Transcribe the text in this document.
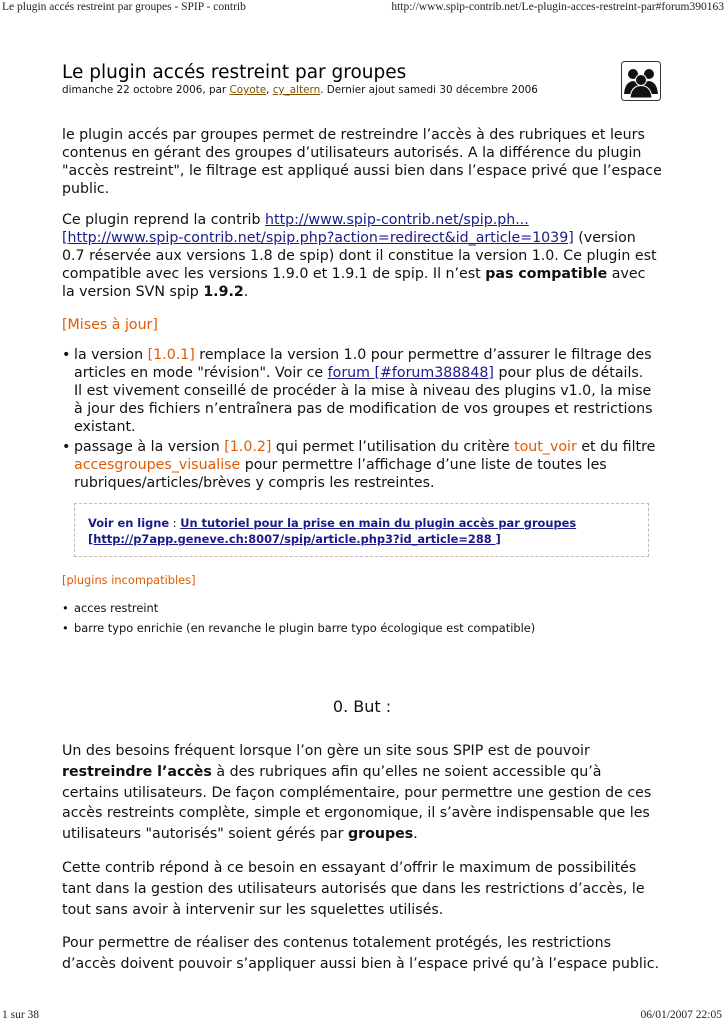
Le plugin accés restreint par groupes - SPIP - contrib	http://www.spip-contrib.net/Le-plugin-acces-restreint-par#forum390163
Le plugin accés restreint par groupes
dimanche 22 octobre 2006, par Coyote, cy_altern. Dernier ajout samedi 30 décembre 2006

le plugin accés par groupes permet de restreindre l’accès à des rubriques et leurs contenus en gérant des groupes d’utilisateurs autorisés. A la différence du plugin "accès restreint", le filtrage est appliqué aussi bien dans l’espace privé que l’espace public.

Ce plugin reprend la contrib http://www.spip-contrib.net/spip.ph...
[http://www.spip-contrib.net/spip.php?action=redirect&id_article=1039] (version 0.7 réservée aux versions 1.8 de spip) dont il constitue la version 1.0. Ce plugin est compatible avec les versions 1.9.0 et 1.9.1 de spip. Il n’est pas compatible avec la version SVN spip 1.9.2.

[Mises à jour]
• la version [1.0.1] remplace la version 1.0 pour permettre d’assurer le filtrage des articles en mode "révision". Voir ce forum [#forum388848] pour plus de détails.
Il est vivement conseillé de procéder à la mise à niveau des plugins v1.0, la mise à jour des fichiers n’entraînera pas de modification de vos groupes et restrictions existant.
• passage à la version [1.0.2] qui permet l’utilisation du critère tout_voir et du filtre accesgroupes_visualise pour permettre l’affichage d’une liste de toutes les rubriques/articles/brèves y compris les restreintes.
Voir en ligne : Un tutoriel pour la prise en main du plugin accès par groupes
[http://p7app.geneve.ch:8007/spip/article.php3?id_article=288 ]
[plugins incompatibles]
• acces restreint
• barre typo enrichie (en revanche le plugin barre typo écologique est compatible)
0. But :

Un des besoins fréquent lorsque l’on gère un site sous SPIP est de pouvoir restreindre l’accès à des rubriques afin qu’elles ne soient accessible qu’à certains utilisateurs. De façon complémentaire, pour permettre une gestion de ces accès restreints complète, simple et ergonomique, il s’avère indispensable que les utilisateurs "autorisés" soient gérés par groupes.

Cette contrib répond à ce besoin en essayant d’offrir le maximum de possibilités tant dans la gestion des utilisateurs autorisés que dans les restrictions d’accès, le tout sans avoir à intervenir sur les squelettes utilisés.

Pour permettre de réaliser des contenus totalement protégés, les restrictions d’accès doivent pouvoir s’appliquer aussi bien à l’espace privé qu’à l’espace public.

1 sur 38	06/01/2007 22:05
